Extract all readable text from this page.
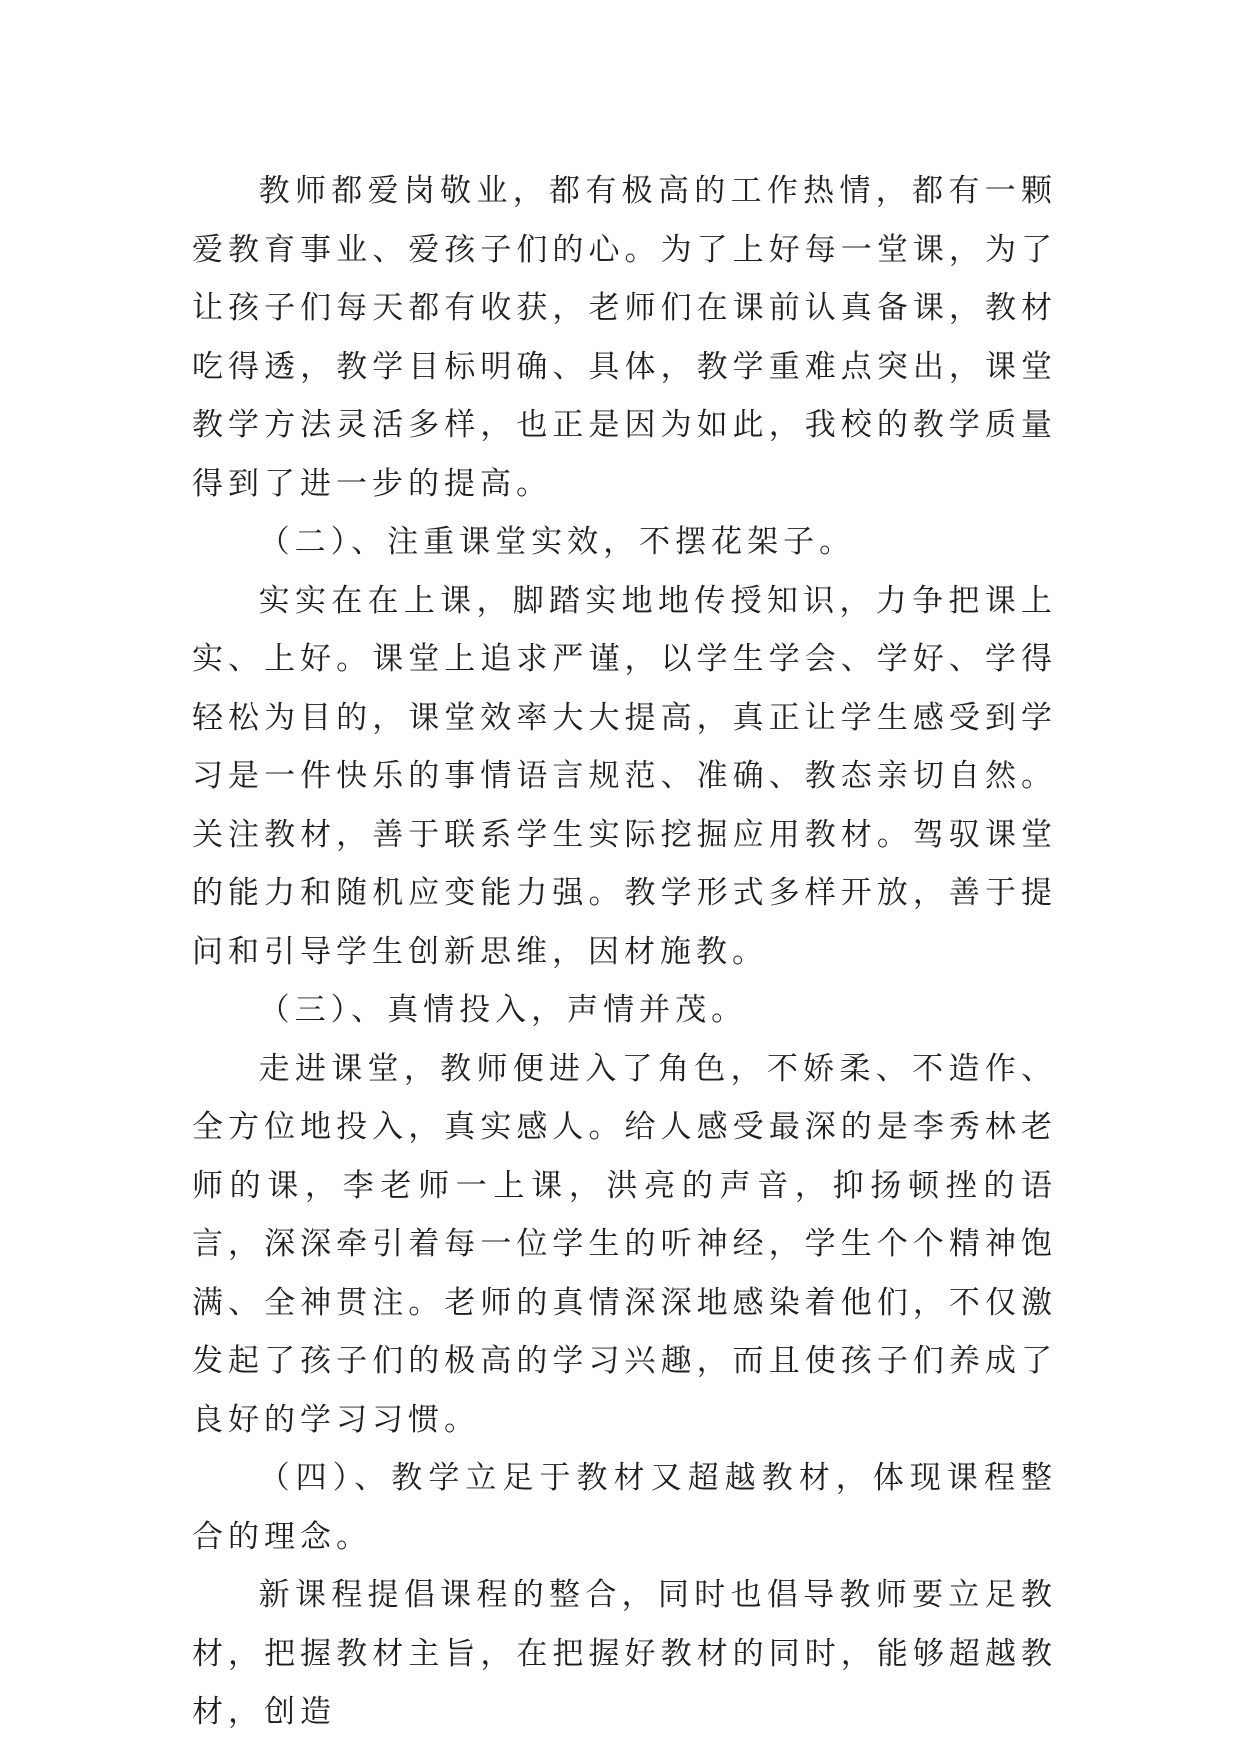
教师都爱岗敬业，都有极高的工作热情，都有一颗爱教育事业、爱孩子们的心。为了上好每一堂课，为了让孩子们每天都有收获，老师们在课前认真备课，教材吃得透，教学目标明确、具体，教学重难点突出，课堂教学方法灵活多样，也正是因为如此，我校的教学质量得到了进一步的提高。

（二）、注重课堂实效，不摆花架子。

实实在在上课，脚踏实地地传授知识，力争把课上实、上好。课堂上追求严谨，以学生学会、学好、学得轻松为目的，课堂效率大大提高，真正让学生感受到学习是一件快乐的事情语言规范、准确、教态亲切自然。关注教材，善于联系学生实际挖掘应用教材。驾驭课堂的能力和随机应变能力强。教学形式多样开放，善于提问和引导学生创新思维，因材施教。

（三）、真情投入，声情并茂。

走进课堂，教师便进入了角色，不娇柔、不造作、全方位地投入，真实感人。给人感受最深的是李秀林老师的课，李老师一上课，洪亮的声音，抑扬顿挫的语言，深深牵引着每一位学生的听神经，学生个个精神饱满、全神贯注。老师的真情深深地感染着他们，不仅激发起了孩子们的极高的学习兴趣，而且使孩子们养成了良好的学习习惯。

（四）、教学立足于教材又超越教材，体现课程整合的理念。

新课程提倡课程的整合，同时也倡导教师要立足教材，把握教材主旨，在把握好教材的同时，能够超越教材，创造
